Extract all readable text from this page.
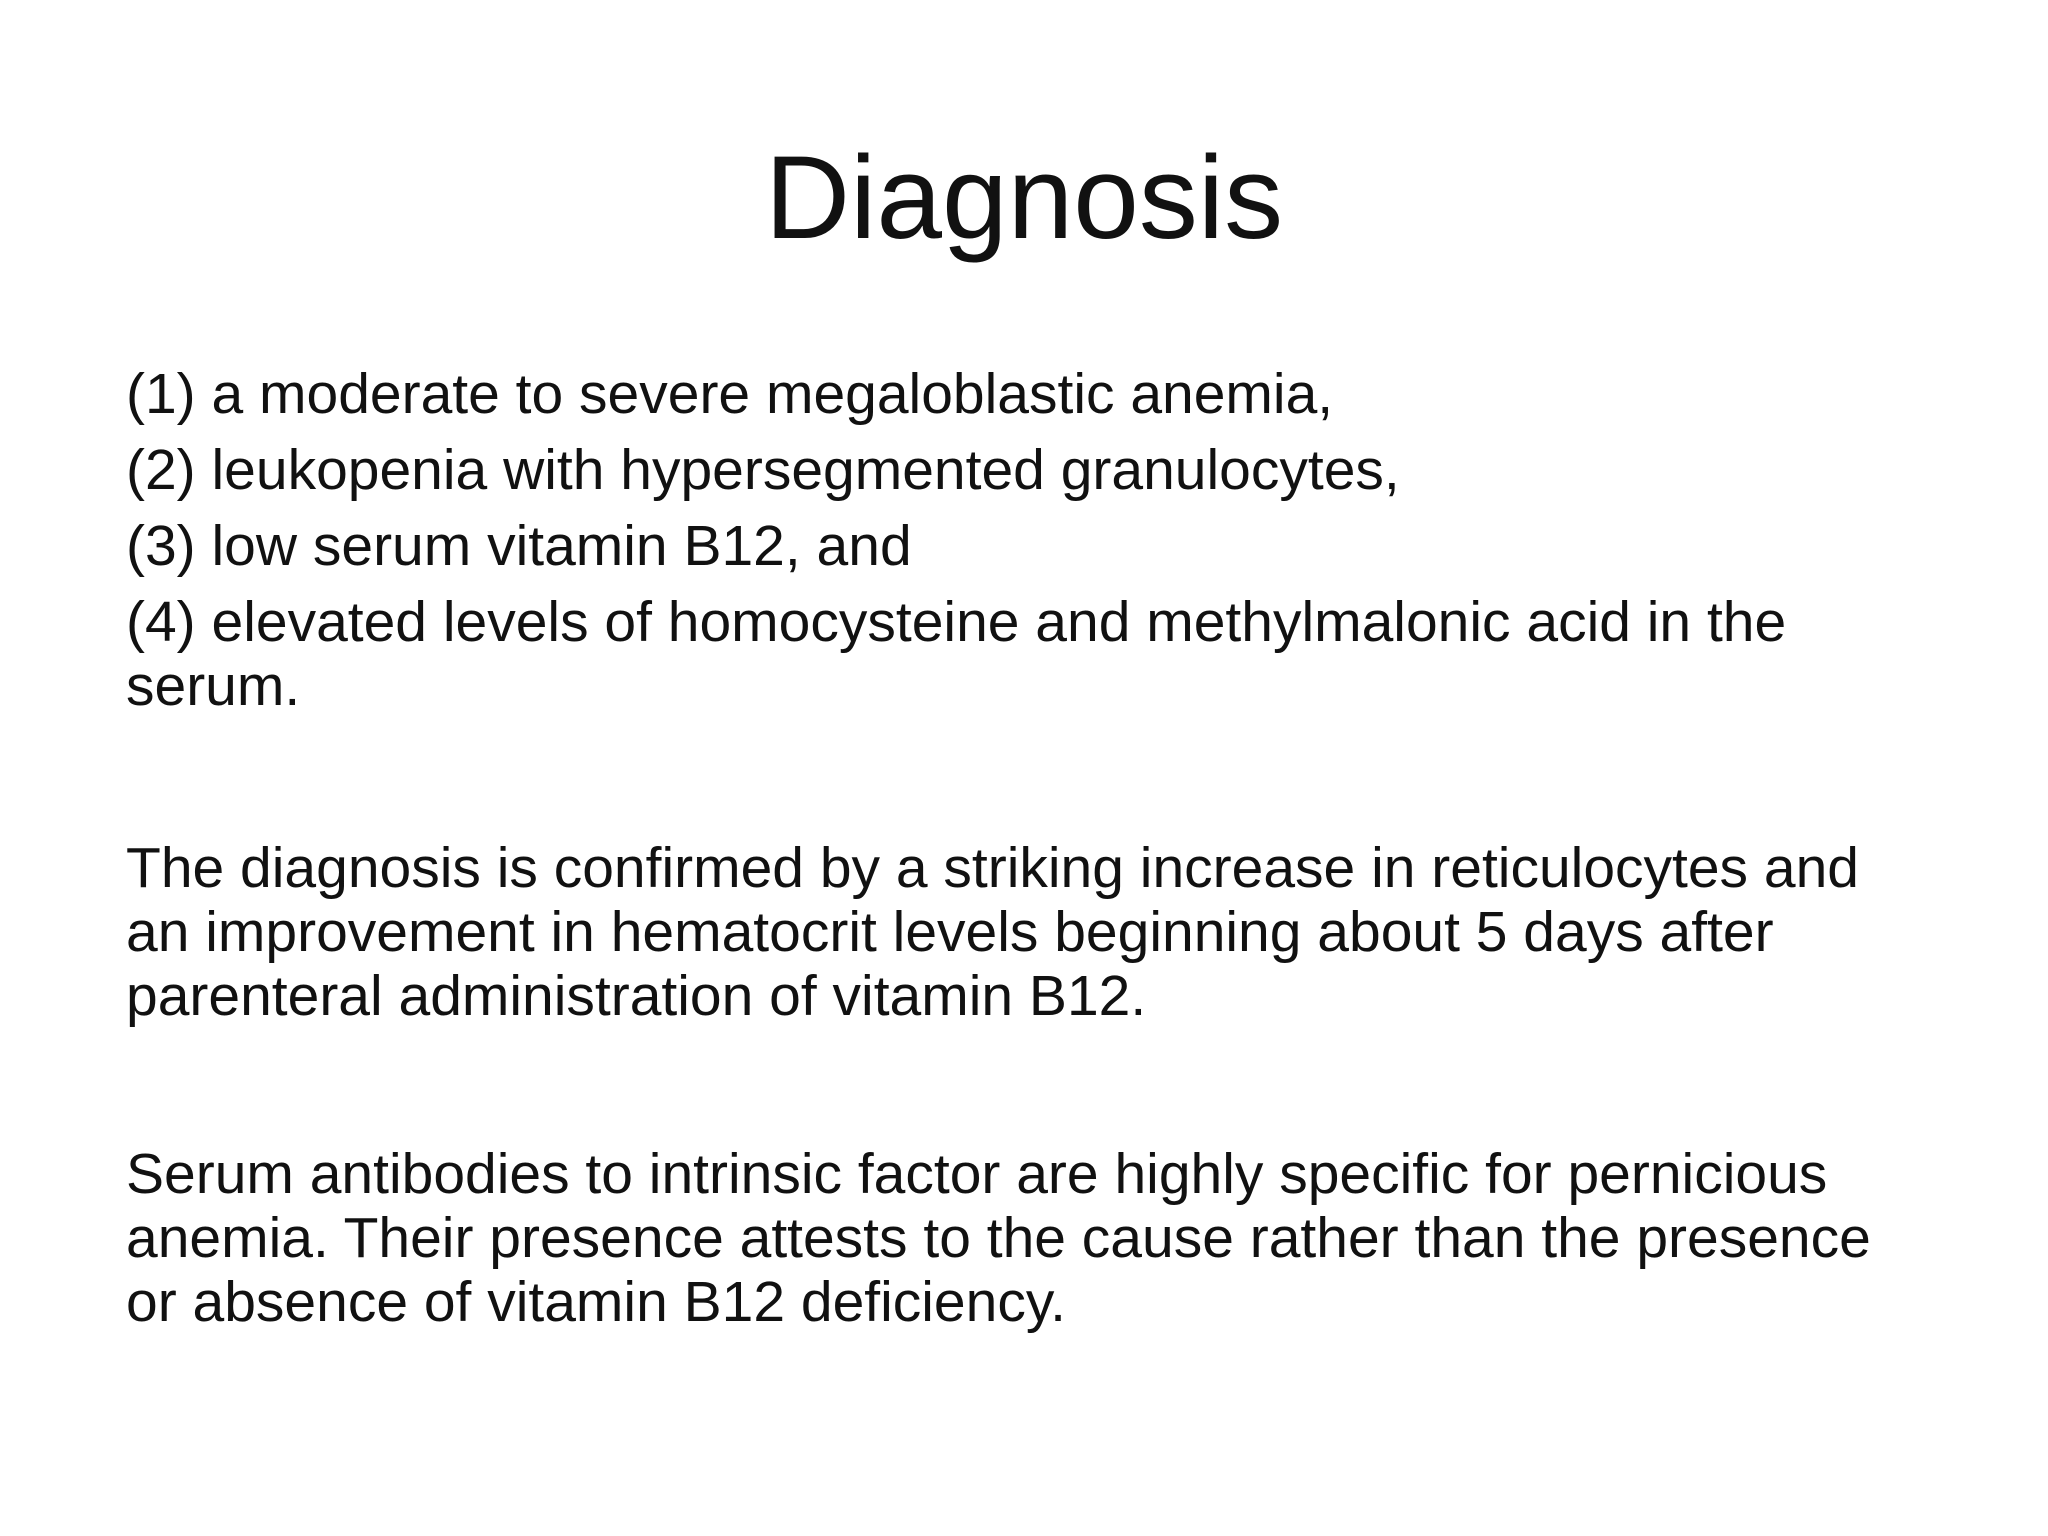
Diagnosis
(1) a moderate to severe megaloblastic anemia,
(2) leukopenia with hypersegmented granulocytes,
(3) low serum vitamin B12, and
(4) elevated levels of homocysteine and methylmalonic acid in the serum.

The diagnosis is confirmed by a striking increase in reticulocytes and an improvement in hematocrit levels beginning about 5 days after parenteral administration of vitamin B12.

Serum antibodies to intrinsic factor are highly specific for pernicious anemia. Their presence attests to the cause rather than the presence or absence of vitamin B12 deficiency.
